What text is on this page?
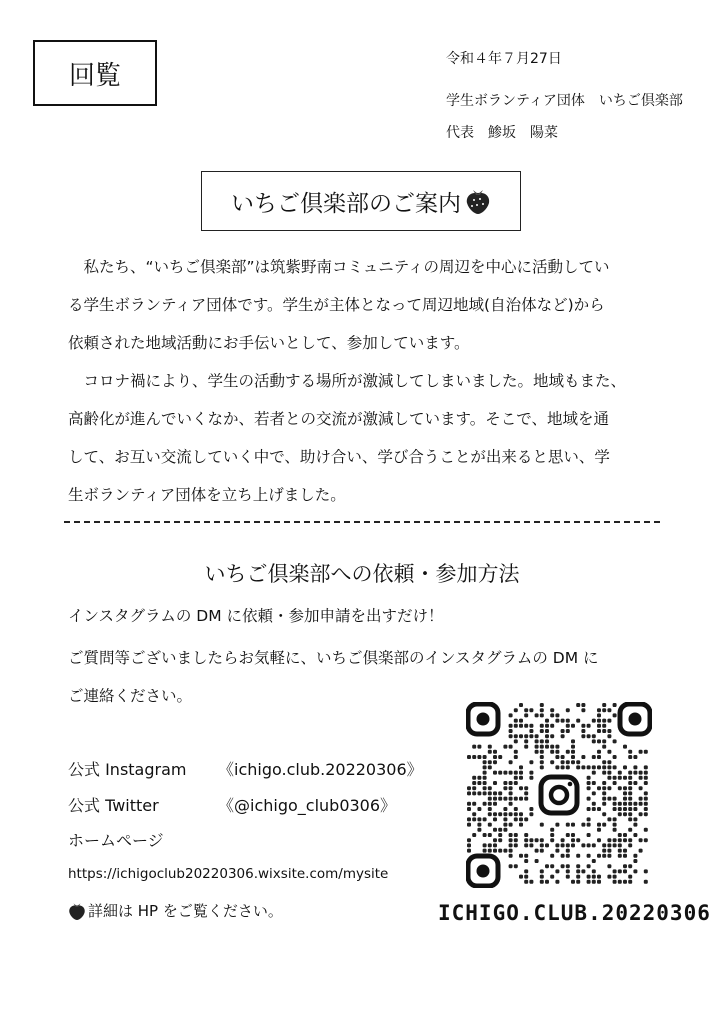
回覧
令和４年７月27日
学生ボランティア団体　いちご倶楽部
代表　鯵坂　陽菜
いちご倶楽部のご案内

私たち、“いちご倶楽部”は筑紫野南コミュニティの周辺を中心に活動してい

る学生ボランティア団体です。学生が主体となって周辺地域(自治体など)から
依頼された地域活動にお手伝いとして、参加しています。

コロナ禍により、学生の活動する場所が激減してしまいました。地域もまた、

高齢化が進んでいくなか、若者との交流が激減しています。そこで、地域を通
して、お互い交流していく中で、助け合い、学び合うことが出来ると思い、学
生ボランティア団体を立ち上げました。
いちご倶楽部への依頼・参加方法
インスタグラムの DM に依頼・参加申請を出すだけ！
ご質問等ございましたらお気軽に、いちご倶楽部のインスタグラムの DM に
ご連絡ください。
公式 Instagram 《ichigo.club.20220306》
公式 Twitter	《@ichigo_club0306》
ホームページ
https://ichigoclub20220306.wixsite.com/mysite
詳細は HP をご覧ください。	ICHIGO.CLUB.20220306
